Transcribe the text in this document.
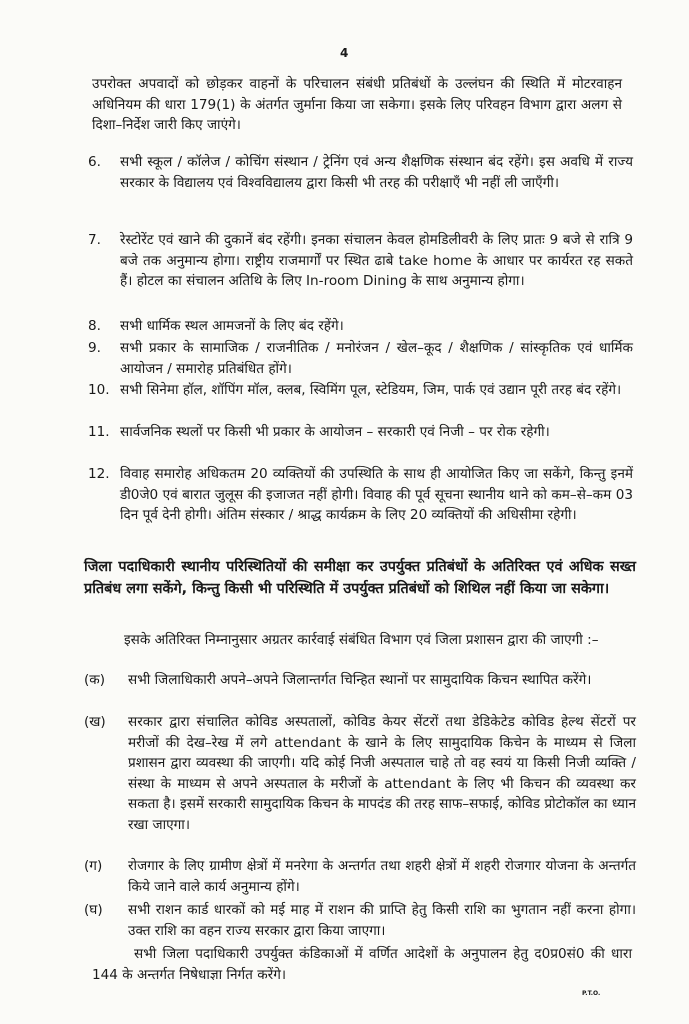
4
उपरोक्त अपवादों को छोड़कर वाहनों के परिचालन संबंधी प्रतिबंधों के उल्लंघन की स्थिति में मोटरवाहन अधिनियम की धारा 179(1) के अंतर्गत जुर्माना किया जा सकेगा। इसके लिए परिवहन विभाग द्वारा अलग से दिशा–निर्देश जारी किए जाएंगे।
6.	सभी स्कूल / कॉलेज / कोचिंग संस्थान / ट्रेनिंग एवं अन्य शैक्षणिक संस्थान बंद रहेंगे। इस अवधि में राज्य सरकार के विद्यालय एवं विश्वविद्यालय द्वारा किसी भी तरह की परीक्षाएँ भी नहीं ली जाएँगी।
7.	रेस्टोरेंट एवं खाने की दुकानें बंद रहेंगी। इनका संचालन केवल होमडिलीवरी के लिए प्रातः 9 बजे से रात्रि 9 बजे तक अनुमान्य होगा। राष्ट्रीय राजमार्गों पर स्थित ढाबे take home के आधार पर कार्यरत रह सकते हैं। होटल का संचालन अतिथि के लिए In-room Dining के साथ अनुमान्य होगा।
8.	सभी धार्मिक स्थल आमजनों के लिए बंद रहेंगे।
9.	सभी प्रकार के सामाजिक / राजनीतिक / मनोरंजन / खेल–कूद / शैक्षणिक / सांस्कृतिक एवं धार्मिक आयोजन / समारोह प्रतिबंधित होंगे।
10. सभी सिनेमा हॉल, शॉपिंग मॉल, क्लब, स्विमिंग पूल, स्टेडियम, जिम, पार्क एवं उद्यान पूरी तरह बंद रहेंगे।
11. सार्वजनिक स्थलों पर किसी भी प्रकार के आयोजन – सरकारी एवं निजी – पर रोक रहेगी।
12. विवाह समारोह अधिकतम 20 व्यक्तियों की उपस्थिति के साथ ही आयोजित किए जा सकेंगे, किन्तु इनमें डी0जे0 एवं बारात जुलूस की इजाजत नहीं होगी। विवाह की पूर्व सूचना स्थानीय थाने को कम–से–कम 03 दिन पूर्व देनी होगी। अंतिम संस्कार / श्राद्ध कार्यक्रम के लिए 20 व्यक्तियों की अधिसीमा रहेगी।
जिला पदाधिकारी स्थानीय परिस्थितियों की समीक्षा कर उपर्युक्त प्रतिबंधों के अतिरिक्त एवं अधिक सख्त प्रतिबंध लगा सकेंगे, किन्तु किसी भी परिस्थिति में उपर्युक्त प्रतिबंधों को शिथिल नहीं किया जा सकेगा।
इसके अतिरिक्त निम्नानुसार अग्रतर कार्रवाई संबंधित विभाग एवं जिला प्रशासन द्वारा की जाएगी :–
(क)	सभी जिलाधिकारी अपने–अपने जिलान्तर्गत चिन्हित स्थानों पर सामुदायिक किचन स्थापित करेंगे।
(ख)	सरकार द्वारा संचालित कोविड अस्पतालों, कोविड केयर सेंटरों तथा डेडिकेटेड कोविड हेल्थ सेंटरों पर मरीजों की देख–रेख में लगे attendant के खाने के लिए सामुदायिक किचेन के माध्यम से जिला प्रशासन द्वारा व्यवस्था की जाएगी। यदि कोई निजी अस्पताल चाहे तो वह स्वयं या किसी निजी व्यक्ति / संस्था के माध्यम से अपने अस्पताल के मरीजों के attendant के लिए भी किचन की व्यवस्था कर सकता है। इसमें सरकारी सामुदायिक किचन के मापदंड की तरह साफ–सफाई, कोविड प्रोटोकॉल का ध्यान रखा जाएगा।
(ग)	रोजगार के लिए ग्रामीण क्षेत्रों में मनरेगा के अन्तर्गत तथा शहरी क्षेत्रों में शहरी रोजगार योजना के अन्तर्गत किये जाने वाले कार्य अनुमान्य होंगे।
(घ)	सभी राशन कार्ड धारकों को मई माह में राशन की प्राप्ति हेतु किसी राशि का भुगतान नहीं करना होगा। उक्त राशि का वहन राज्य सरकार द्वारा किया जाएगा।
सभी जिला पदाधिकारी उपर्युक्त कंडिकाओं में वर्णित आदेशों के अनुपालन हेतु द0प्र0सं0 की धारा 144 के अन्तर्गत निषेधाज्ञा निर्गत करेंगे।
P.T.O.
